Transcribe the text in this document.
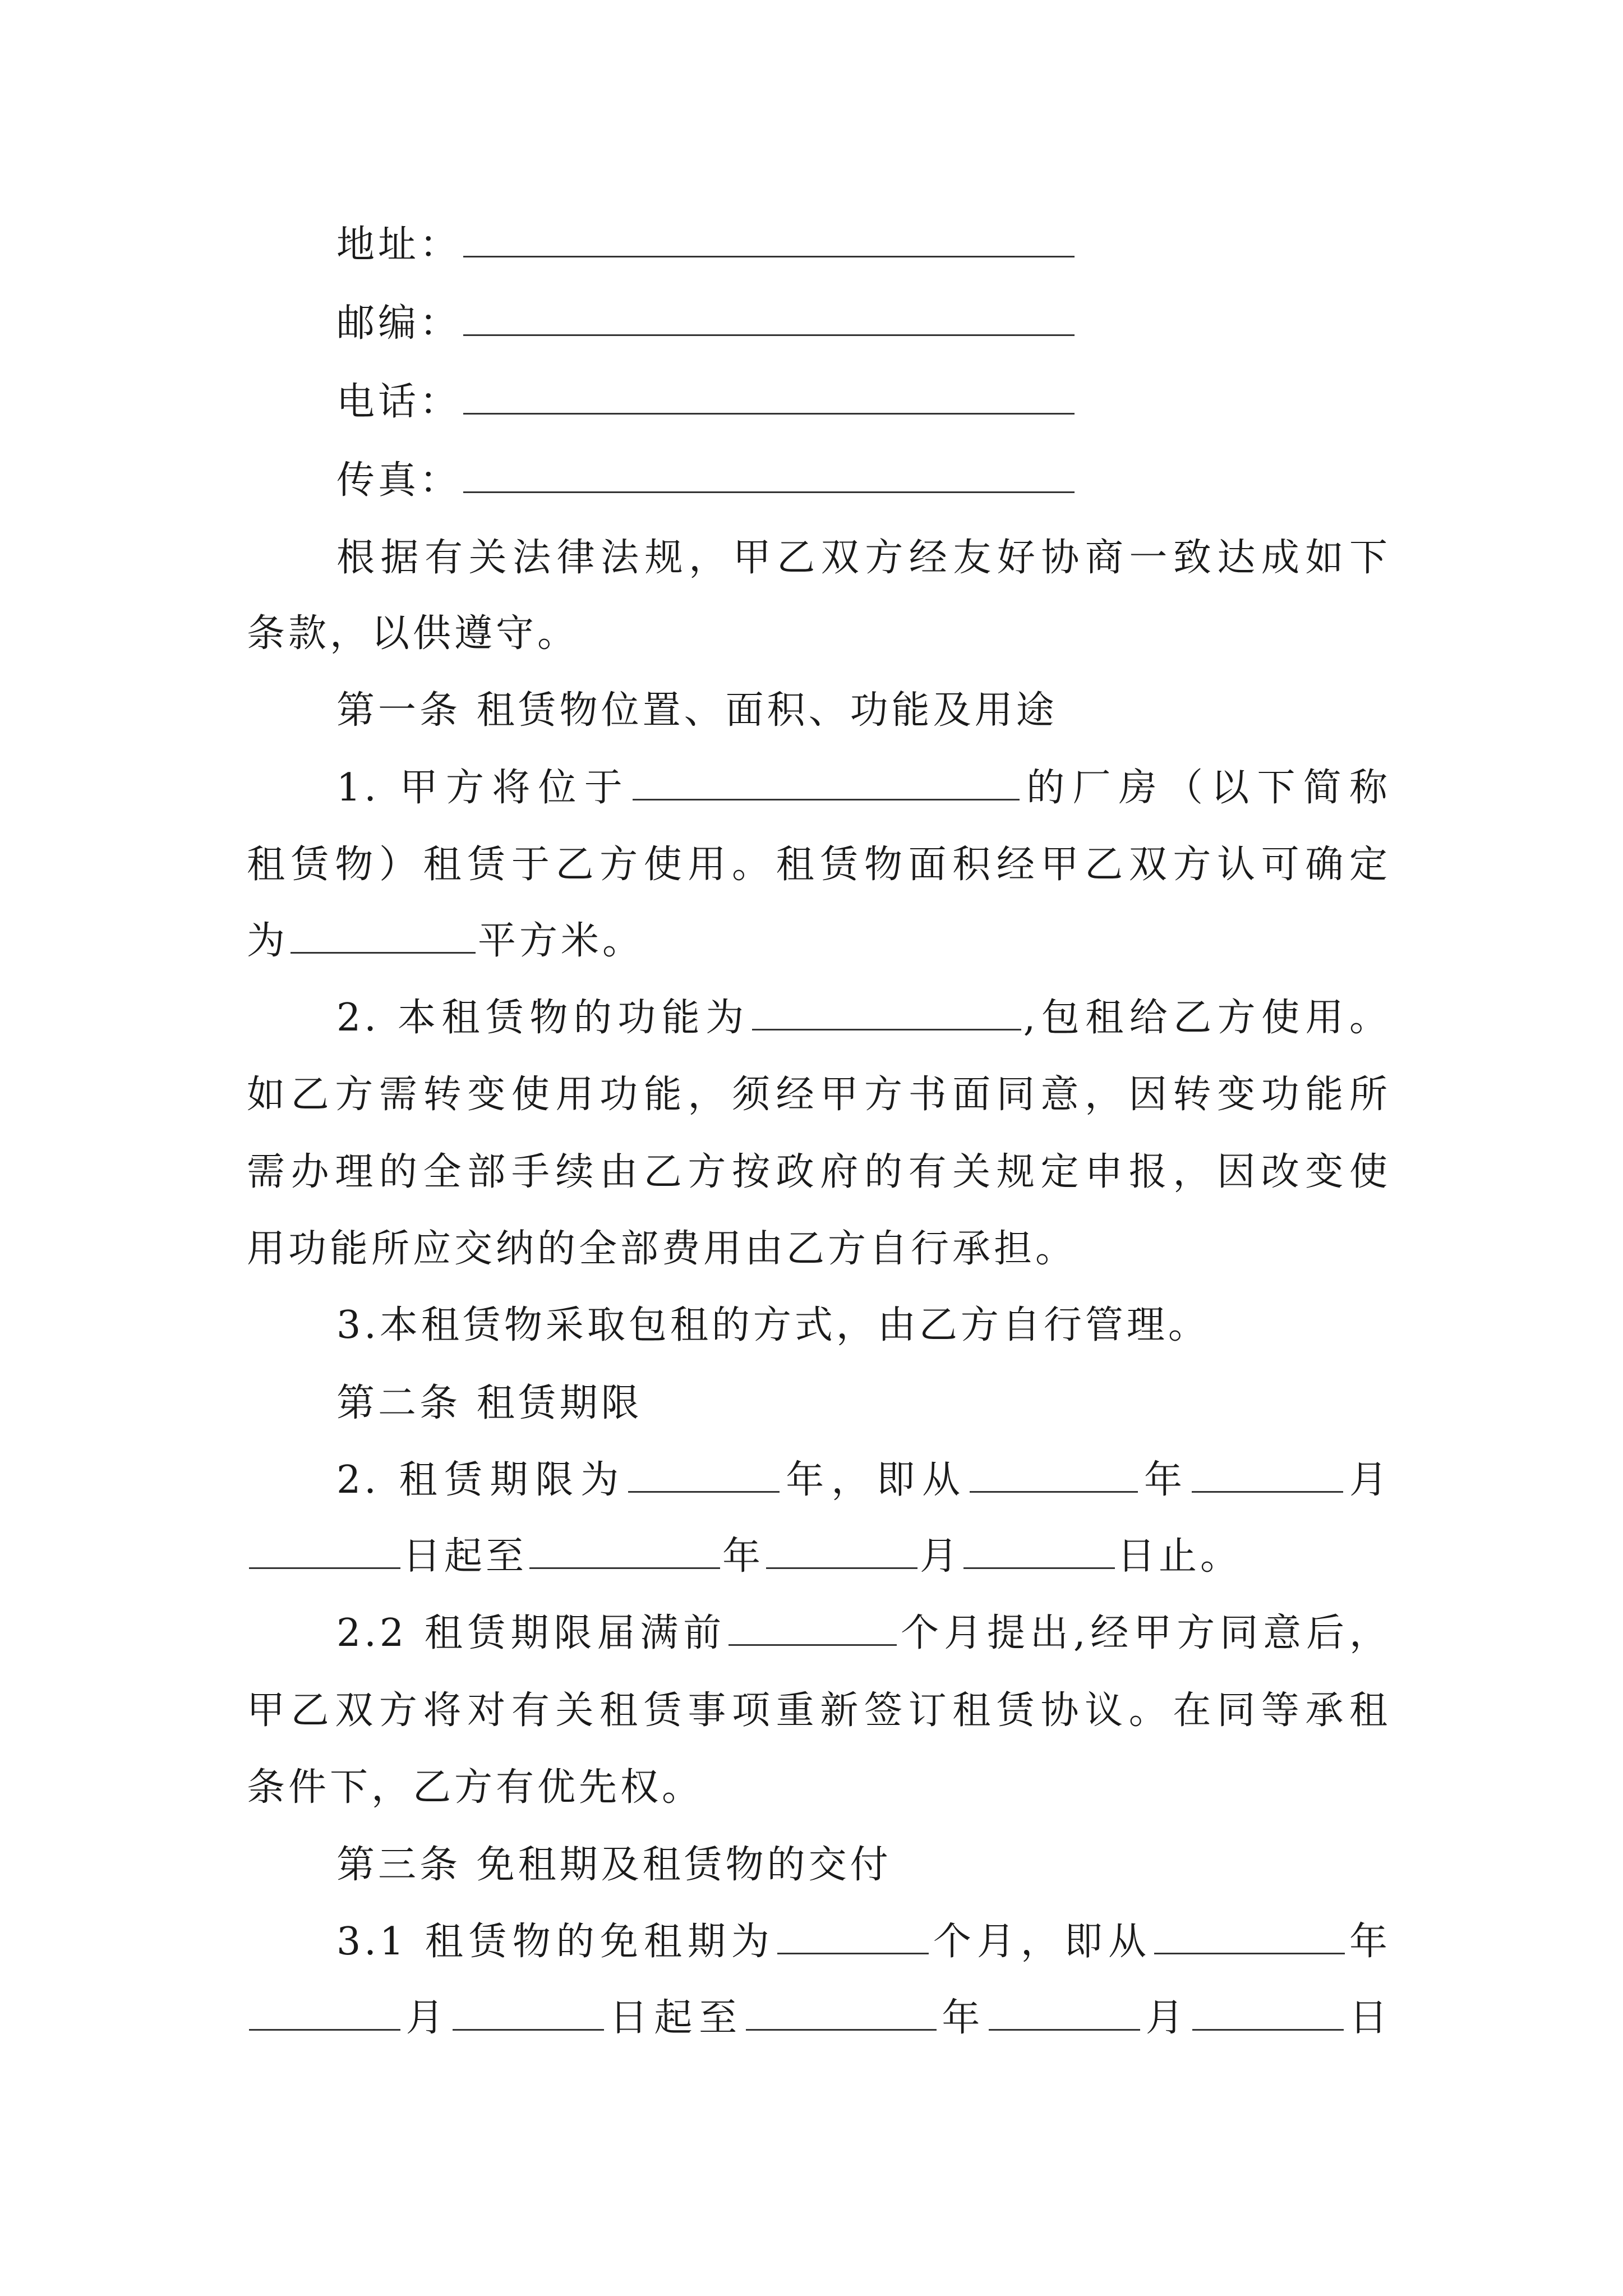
地址：
邮编：
电话：
传真：
根据有关法律法规，甲乙双方经友好协商一致达成如下
条款，以供遵守。
第一条 租赁物位置、面积、功能及用途
1. 甲方将位于	的厂房（以下简称
租赁物）租赁于乙方使用。租赁物面积经甲乙双方认可确定
为	平方米。
2. 本租赁物的功能为	,包租给乙方使用。
如乙方需转变使用功能，须经甲方书面同意，因转变功能所
需办理的全部手续由乙方按政府的有关规定申报，因改变使
用功能所应交纳的全部费用由乙方自行承担。
3.本租赁物采取包租的方式，由乙方自行管理。
第二条 租赁期限
2. 租赁期限为	年，即从	年	月
日起至	年	月	日止。
2.2 租赁期限届满前	个月提出,经甲方同意后，
甲乙双方将对有关租赁事项重新签订租赁协议。在同等承租
条件下，乙方有优先权。
第三条 免租期及租赁物的交付
3.1 租赁物的免租期为	个月，即从	年
月	日起至	年	月	日
